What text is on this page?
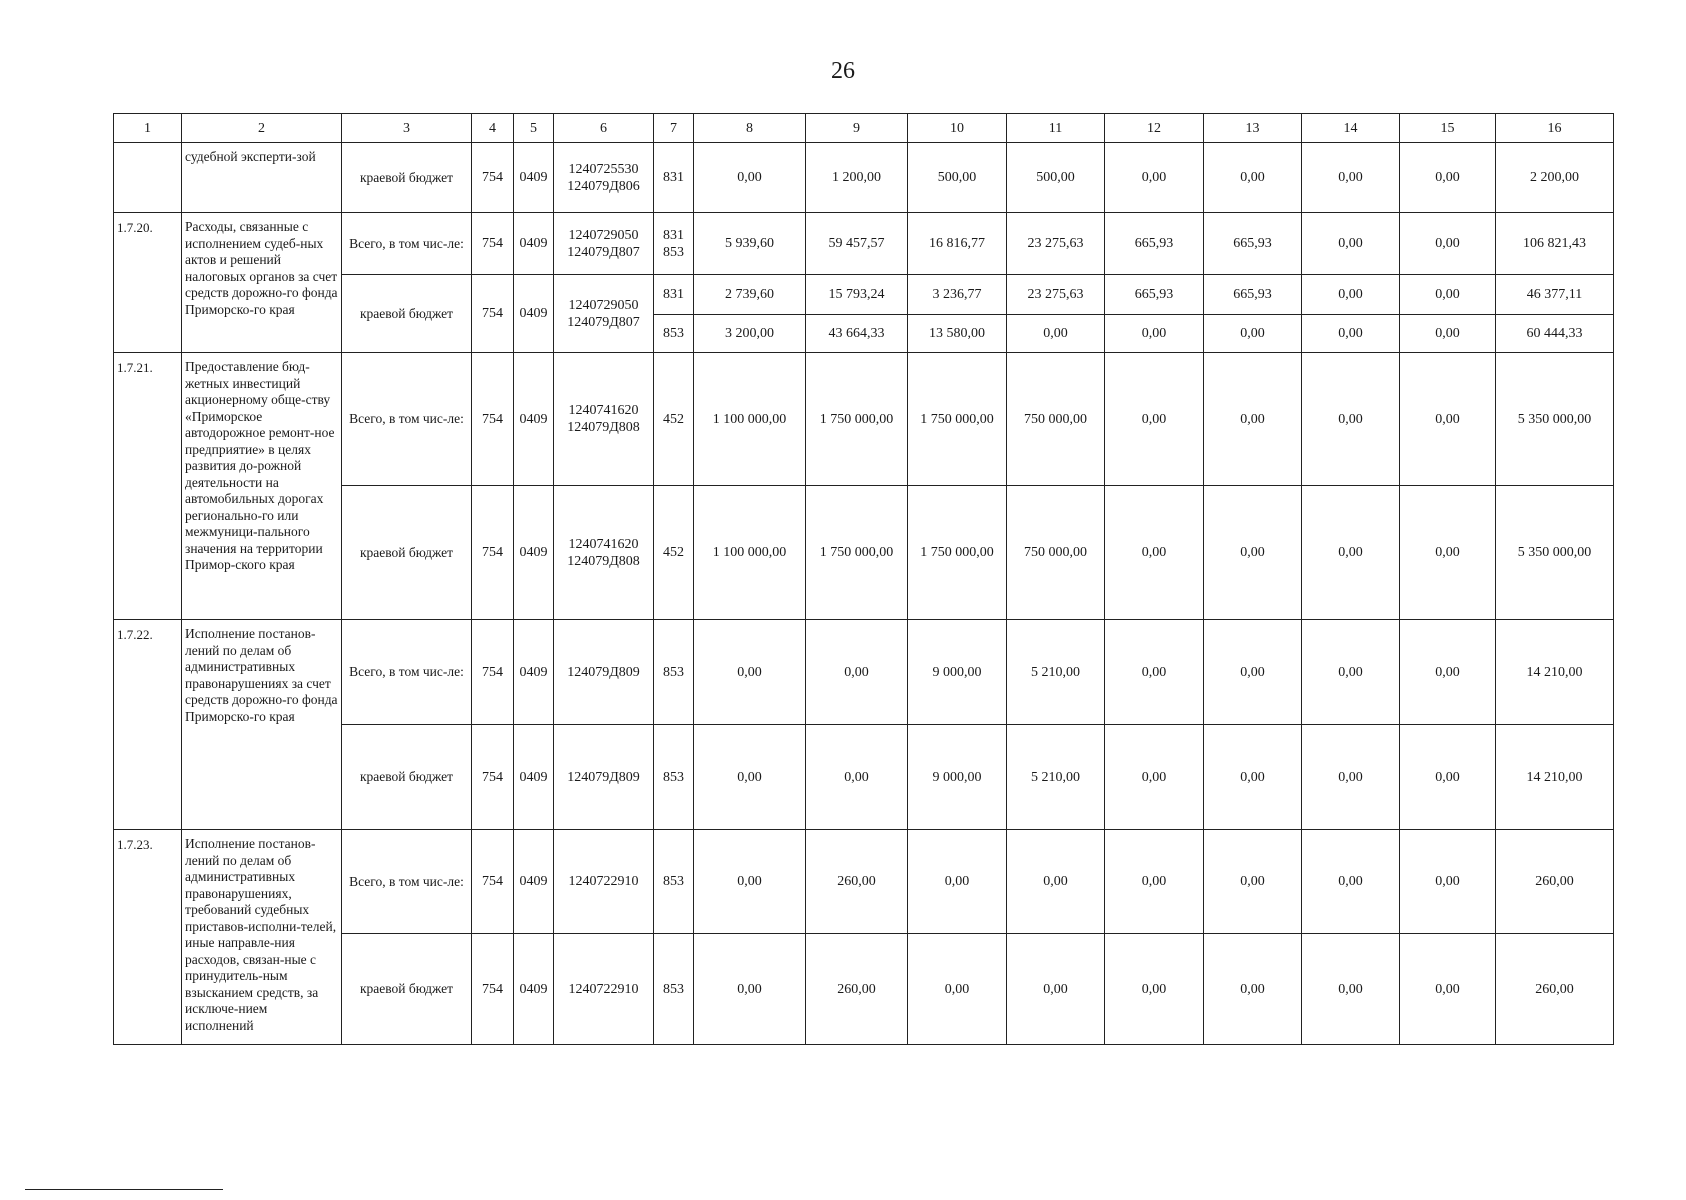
26
1	2	3	4	5	6	7	8	9	10	11	12	13	14	15	16
	судебной эксперти-зой	краевой бюджет	754	0409	1240725530 124079Д806	831	0,00	1 200,00	500,00	500,00	0,00	0,00	0,00	0,00	2 200,00
1.7.20.	Расходы, связанные с исполнением судеб-ных актов и решений налоговых органов за счет средств дорожно-го фонда Приморско-го края	Всего, в том чис-ле:	754	0409	1240729050 124079Д807	831 853	5 939,60	59 457,57	16 816,77	23 275,63	665,93	665,93	0,00	0,00	106 821,43
		краевой бюджет	754	0409	1240729050 124079Д807	831	2 739,60	15 793,24	3 236,77	23 275,63	665,93	665,93	0,00	0,00	46 377,11
						853	3 200,00	43 664,33	13 580,00	0,00	0,00	0,00	0,00	0,00	60 444,33
1.7.21.	Предоставление бюд-жетных инвестиций акционерному обще-ству «Приморское автодорожное ремонт-ное предприятие» в целях развития до-рожной деятельности на автомобильных дорогах регионально-го или межмуници-пального значения на территории Примор-ского края	Всего, в том чис-ле:	754	0409	1240741620 124079Д808	452	1 100 000,00	1 750 000,00	1 750 000,00	750 000,00	0,00	0,00	0,00	0,00	5 350 000,00
		краевой бюджет	754	0409	1240741620 124079Д808	452	1 100 000,00	1 750 000,00	1 750 000,00	750 000,00	0,00	0,00	0,00	0,00	5 350 000,00
1.7.22.	Исполнение постанов-лений по делам об административных правонарушениях за счет средств дорожно-го фонда Приморско-го края	Всего, в том чис-ле:	754	0409	124079Д809	853	0,00	0,00	9 000,00	5 210,00	0,00	0,00	0,00	0,00	14 210,00
		краевой бюджет	754	0409	124079Д809	853	0,00	0,00	9 000,00	5 210,00	0,00	0,00	0,00	0,00	14 210,00
1.7.23.	Исполнение постанов-лений по делам об административных правонарушениях, требований судебных приставов-исполни-телей, иные направле-ния расходов, связан-ные с принудитель-ным взысканием средств, за исключе-нием исполнений	Всего, в том чис-ле:	754	0409	1240722910	853	0,00	260,00	0,00	0,00	0,00	0,00	0,00	0,00	260,00
		краевой бюджет	754	0409	1240722910	853	0,00	260,00	0,00	0,00	0,00	0,00	0,00	0,00	260,00
